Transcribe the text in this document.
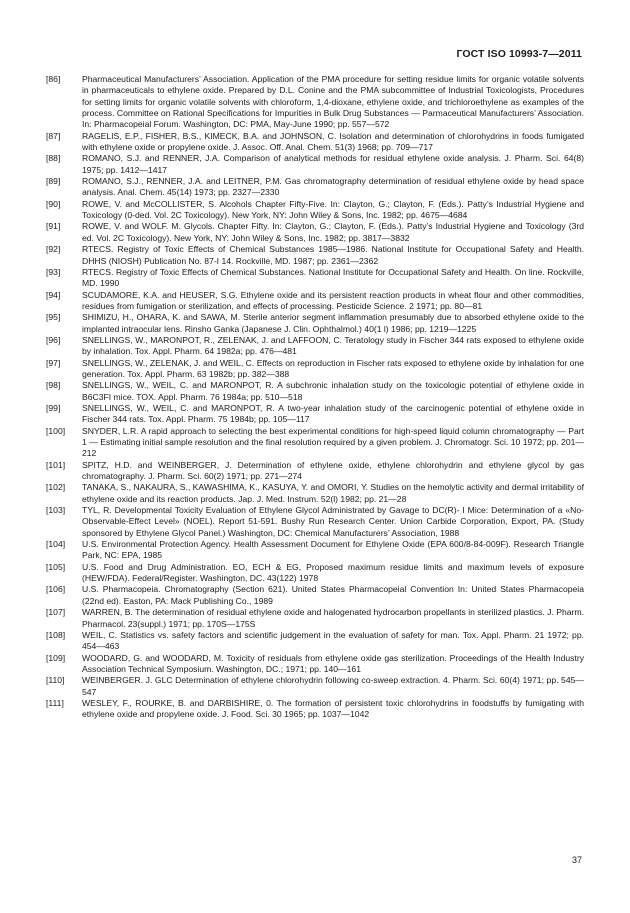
ГОСТ ISO 10993-7—2011
[86]	Pharmaceutical Manufacturers’ Association. Application of the PMA procedure for setting residue limits for organic volatile solvents in pharmaceuticals to ethylene oxide. Prepared by D.L. Conine and the PMA subcommittee of Industrial Toxicologists, Procedures for setting limits for organic volatile solvents with chloroform, 1,4-dioxane, ethylene oxide, and trichloroethylene as examples of the process. Committee on Rational Specifications for Impurities in Bulk Drug Substances — Parmaceutical Manufacturers’ Association. In: Pharmacopeial Forum. Washington, DC: PMA, May-June 1990; pp. 557—572
[87]	RAGELIS, E.P., FISHER, B.S., KIMECK, B.A. and JOHNSON, C. Isolation and determination of chlorohydrins in foods fumigated with ethylene oxide or propylene oxide. J. Assoc. Off. Anal. Chem. 51(3) 1968; pp. 709—717
[88]	ROMANO, S.J. and RENNER, J.A. Comparison of analytical methods for residual ethylene oxide analysis. J. Pharm. Sci. 64(8) 1975; pp. 1412—1417
[89]	ROMANO, S.J., RENNER, J.A. and LEITNER, P.M. Gas chromatography determination of residual ethylene oxide by head space analysis. Anal. Chem. 45(14) 1973; pp. 2327—2330
[90]	ROWE, V. and McCOLLISTER, S. Alcohols Chapter Fifty-Five. In: Clayton, G.; Clayton, F. (Eds.). Patty’s Industrial Hygiene and Toxicology (0-ded. Vol. 2C Toxicology). New York, NY: John Wiley & Sons, Inc. 1982; pp. 4675—4684
[91]	ROWE, V. and WOLF. M. Glycols. Chapter Fifty. In: Clayton, G.; Clayton, F. (Eds.). Patty’s Industrial Hygiene and Toxicology (3rd ed. Vol. 2C Toxicology). New York, NY: John Wiley & Sons, Inc. 1982; pp. 3817—3832
[92]	RTECS. Registry of Toxic Effects of Chemical Substances 1985—1986. National Institute for Occupational Safety and Health. DHHS (NIOSH) Publication No. 87-I 14. Rockville, MD. 1987; pp. 2361—2362
[93]	RTECS. Registry of Toxic Effects of Chemical Substances. National Institute for Occupational Safety and Health. On line. Rockville, MD. 1990
[94]	SCUDAMORE, K.A. and HEUSER, S.G. Ethylene oxide and its persistent reaction products in wheat flour and other commodities, residues from fumigation or sterilization, and effects of processing. Pesticide Science. 2 1971; pp. 80—81
[95]	SHIMIZU, H., OHARA, K. and SAWA, M. Sterile anterior segment inflammation presumably due to absorbed ethylene oxide to the implanted intraocular lens. Rinsho Ganka (Japanese J. Clin. Ophthalmol.) 40(1 l) 1986; pp. 1219—1225
[96]	SNELLINGS, W., MARONPOT, R., ZELENAK, J. and LAFFOON, C. Teratology study in Fischer 344 rats exposed to ethylene oxide by inhalation. Tox. Appl. Pharm. 64 1982a; pp. 476—481
[97]	SNELLINGS, W., ZELENAK, J. and WEIL, C. Effects on reproduction in Fischer rats exposed to ethylene oxide by inhalation for one generation. Tox. Appl. Pharm. 63 1982b; pp. 382—388
[98]	SNELLINGS, W., WEIL, C. and MARONPOT, R. A subchronic inhalation study on the toxicologic potential of ethylene oxide in B6C3FI mice. TOX. Appl. Pharm. 76 1984a; pp. 510—518
[99]	SNELLINGS, W., WEIL, C. and MARONPOT, R. A two-year inhalation study of the carcinogenic potential of ethylene oxide in Fischer 344 rats. Tox. Appl. Pharm. 75 1984b; pp. 105—117
[100]	SNYDER, L.R. A rapid approach to selecting the best experimental conditions for high-speed liquid column chromatography — Part 1 — Estimating initial sample resolution and the final resolution required by a given problem. J. Chromatogr. Sci. 10 1972; pp. 201—212
[101]	SPITZ, H.D. and WEINBERGER, J. Determination of ethylene oxide, ethylene chlorohydrin and ethylene glycol by gas chromatography. J. Pharm. Sci. 60(2) 1971; pp. 271—274
[102]	TANAKA, S., NAKAURA, S., KAWASHIMA, K., KASUYA, Y. and OMORI, Y. Studies on the hemolytic activity and dermal irritability of ethylene oxide and its reaction products. Jap. J. Med. Instrum. 52(l) 1982; pp. 21—28
[103]	TYL, R. Developmental Toxicity Evaluation of Ethylene Glycol Administrated by Gavage to DC(R)- I Mice: Determination of a «No-Observable-Effect Level» (NOEL). Report 51-591. Bushy Run Research Center. Union Carbide Corporation, Export, PA. (Study sponsored by Ethylene Glycol Panel.) Washington, DC: Chemical Manufacturers’ Association, 1988
[104]	U.S. Environmental Protection Agency. Health Assessment Document for Ethylene Oxide (EPA 600/8-84-009F). Research Triangle Park, NC: EPA, 1985
[105]	U.S. Food and Drug Administration. EO, ECH & EG, Proposed maximum residue limits and maximum levels of exposure (HEW/FDA). Federal/Register. Washington, DC. 43(122) 1978
[106]	U.S. Pharmacopeia. Chromatography (Section 621). United States Pharmacopeial Convention In: United States Pharmacopeia (22nd ed). Easton, PA: Mack Publishing Co., 1989
[107]	WARREN, B. The determination of residual ethylene oxide and halogenated hydrocarbon propellants in sterilized plastics. J. Pharm. Pharmacol. 23(suppl.) 1971; pp. 170S—175S
[108]	WEIL, C. Statistics vs. safety factors and scientific judgement in the evaluation of safety for man. Tox. Appl. Pharm. 21 1972; pp. 454—463
[109]	WOODARD, G. and WOODARD, M. Toxicity of residuals from ethylene oxide gas sterilization. Proceedings of the Health Industry Association Technical Symposium. Washington, DC.; 1971; pp. 140—161
[110]	WEINBERGER. J. GLC Determination of ethylene chlorohydrin following co-sweep extraction. 4. Pharm. Sci. 60(4) 1971; pp. 545—547
[111]	WESLEY, F., ROURKE, B. and DARBISHIRE, 0. The formation of persistent toxic chlorohydrins in foodstuffs by fumigating with ethylene oxide and propylene oxide. J. Food. Sci. 30 1965; pp. 1037—1042
37
